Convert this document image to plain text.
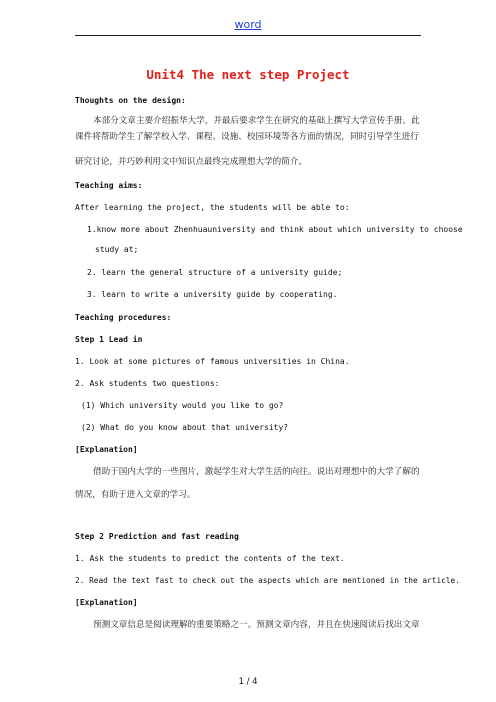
word
Unit4 The next step Project
Thoughts on the design:
本部分文章主要介绍振华大学，并最后要求学生在研究的基础上撰写大学宣传手册。此
课件将帮助学生了解学校入学、课程、设施、校园环境等各方面的情况，同时引导学生进行
研究讨论，并巧妙利用文中知识点最终完成理想大学的简介。
Teaching aims:
After learning the project, the students will be able to:
1.know more about Zhenhuauniversity and think about which university to choose
study at;
2. learn the general structure of a university guide;
3. learn to write a university guide by cooperating.
Teaching procedures:
Step 1 Lead in
1. Look at some pictures of famous universities in China.
2. Ask students two questions:
(1) Which university would you like to go?
(2) What do you know about that university?
[Explanation]
借助于国内大学的一些图片，激起学生对大学生活的向往。说出对理想中的大学了解的
情况，有助于进入文章的学习。
Step 2 Prediction and fast reading
1. Ask the students to predict the contents of the text.
2. Read the text fast to check out the aspects which are mentioned in the article.
[Explanation]
预测文章信息是阅读理解的重要策略之一。预测文章内容，并且在快速阅读后找出文章
1 / 4
